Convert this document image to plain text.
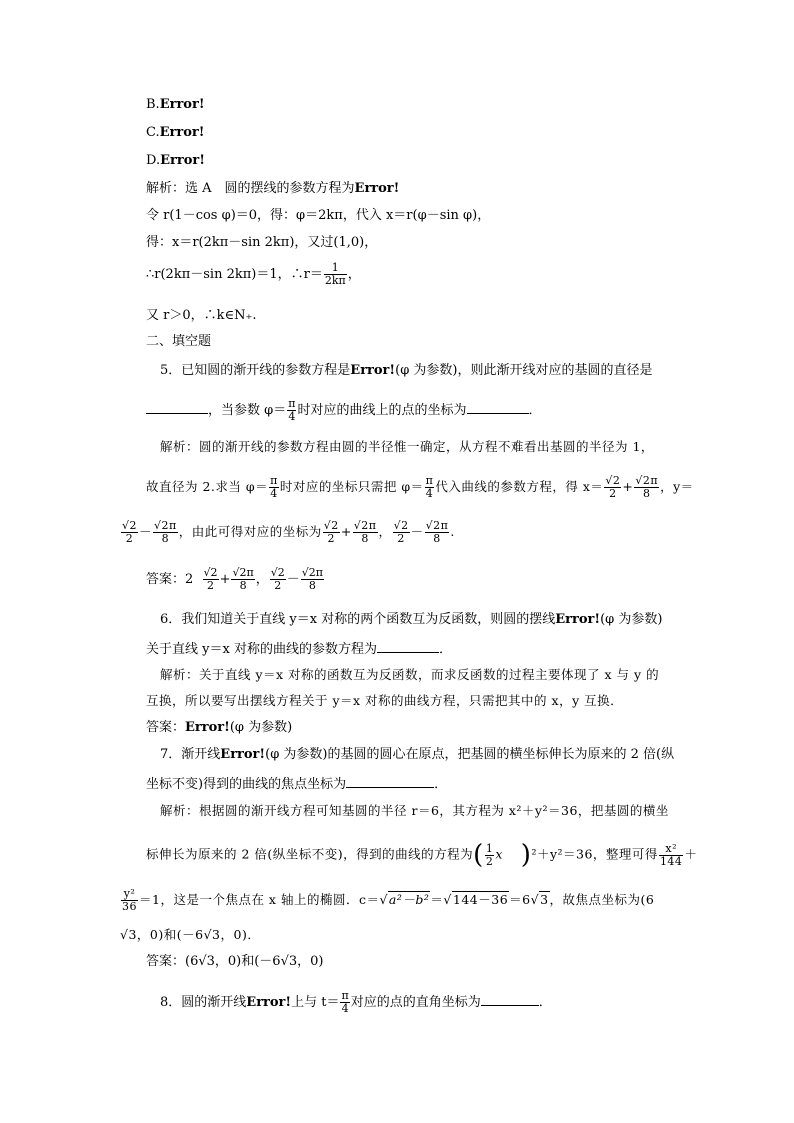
B.Error!
C.Error!
D.Error!
解析：选 A　圆的摆线的参数方程为Error!
令 r(1－cos φ)＝0，得：φ＝2kπ，代入 x＝r(φ－sin φ)，
得：x＝r(2kπ－sin 2kπ)，又过(1,0)，
∴r(2kπ－sin 2kπ)＝1，∴r＝ $\frac{1}{2k\pi}$ ，
又 r＞0，∴k∈N₊.
二、填空题
5．已知圆的渐开线的参数方程是Error!(φ 为参数)，则此渐开线对应的基圆的直径是
，当参数 $\varphi= \frac{\pi}{4}$ 时对应的曲线上的点的坐标为	．
解析：圆的渐开线的参数方程由圆的半径惟一确定，从方程不难看出基圆的半径为 1，
故直径为 2.求当 $\varphi= \frac{\pi}{4}$ 时对应的坐标只需把 $\varphi= \frac{\pi}{4}$ 代入曲线的参数方程，得 $x= \frac{√2}{2} + \frac{√2\pi}{8}$ ，y＝
$\frac{√2}{2} - \frac{√2\pi}{8}$ ，由此可得对应的坐标为 $\frac{√2}{2} + \frac{√2\pi}{8}$ ， $\frac{√2}{2} - \frac{√2\pi}{8}$ .
答案：$2 \frac{√2}{2} + \frac{√2\pi}{8}$ ， $\frac{√2}{2} - \frac{√2\pi}{8}$
6．我们知道关于直线 y＝x 对称的两个函数互为反函数，则圆的摆线Error!(φ 为参数)
关于直线 y＝x 对称的曲线的参数方程为	．
解析：关于直线 y＝x 对称的函数互为反函数，而求反函数的过程主要体现了 x 与 y 的
互换，所以要写出摆线方程关于 y＝x 对称的曲线方程，只需把其中的 x，y 互换．
答案：Error!(φ 为参数)
7．渐开线Error!(φ 为参数)的基圆的圆心在原点，把基圆的横坐标伸长为原来的 2 倍(纵
坐标不变)得到的曲线的焦点坐标为	．
解析：根据圆的渐开线方程可知基圆的半径 r＝6，其方程为 x²＋y²＝36，把基圆的横坐
标伸长为原来的 2 倍(纵坐标不变)，得到的曲线的方程为( $\frac{1}{2}$ x )²＋y²＝36，整理可得 $\frac{\text{x²}}{144}$ ＋
$\frac{\text{y²}}{36} =1$，这是一个焦点在 x 轴上的椭圆．c＝√a²－b²＝√144－36＝6√3，故焦点坐标为(6
√3，0)和(－6√3，0)．
答案：(6√3，0)和(－6√3，0)
8．圆的渐开线Error!上与 $t= \frac{\pi}{4}$ 对应的点的直角坐标为	．
